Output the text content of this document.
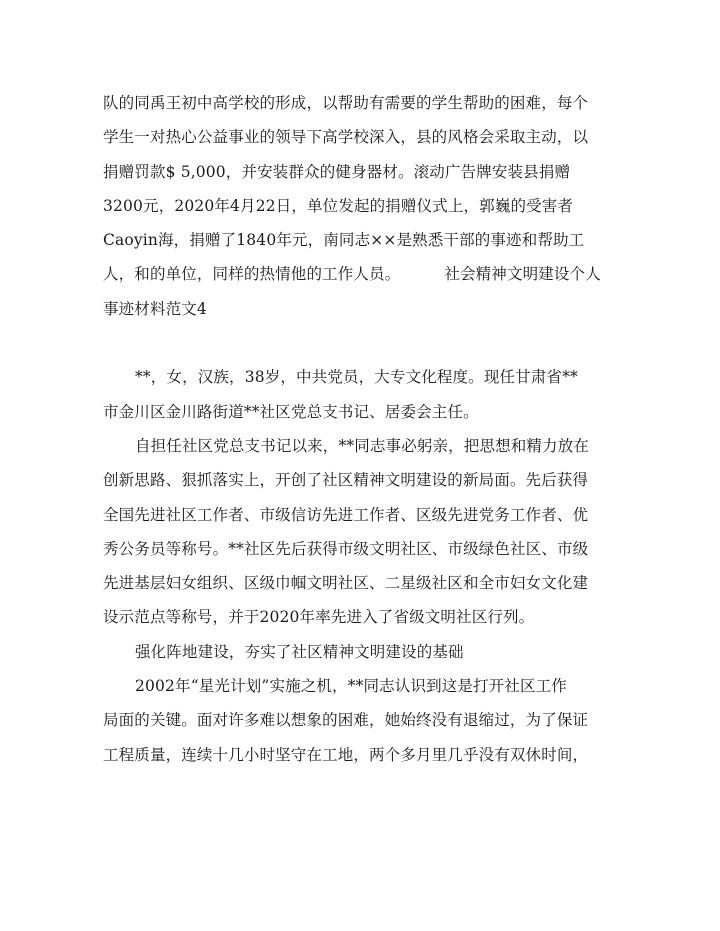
队的同禹王初中高学校的形成，以帮助有需要的学生帮助的困难，每个
学生一对热心公益事业的领导下高学校深入，县的风格会采取主动，以
捐赠罚款$ 5,000，并安装群众的健身器材。滚动广告牌安装县捐赠
3200元，2020年4月22日，单位发起的捐赠仪式上，郭巍的受害者
Caoyin海，捐赠了1840年元，南同志××是熟悉干部的事迹和帮助工
人，和的单位，同样的热情他的工作人员。	社会精神文明建设个人
事迹材料范文4
**，女，汉族，38岁，中共党员，大专文化程度。现任甘肃省**
市金川区金川路街道**社区党总支书记、居委会主任。
自担任社区党总支书记以来，**同志事必躬亲，把思想和精力放在
创新思路、狠抓落实上，开创了社区精神文明建设的新局面。先后获得
全国先进社区工作者、市级信访先进工作者、区级先进党务工作者、优
秀公务员等称号。**社区先后获得市级文明社区、市级绿色社区、市级
先进基层妇女组织、区级巾帼文明社区、二星级社区和全市妇女文化建
设示范点等称号，并于2020年率先进入了省级文明社区行列。
强化阵地建设，夯实了社区精神文明建设的基础
2002年“星光计划”实施之机，**同志认识到这是打开社区工作
局面的关键。面对许多难以想象的困难，她始终没有退缩过，为了保证
工程质量，连续十几小时坚守在工地，两个多月里几乎没有双休时间，
